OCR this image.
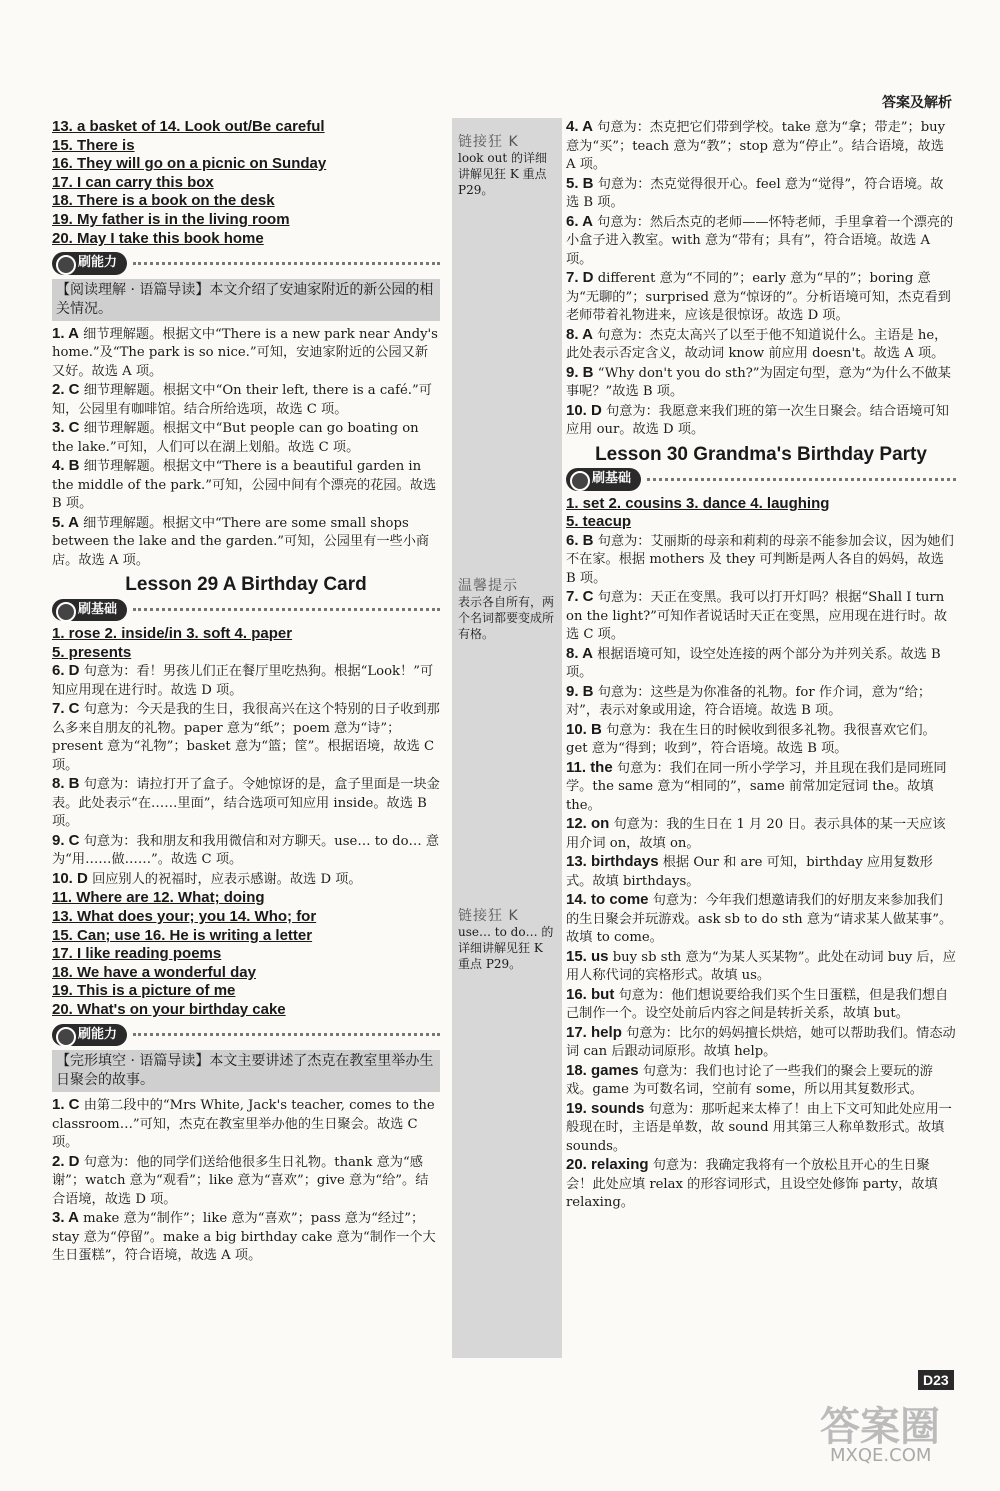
答案及解析
13. a basket of 14. Look out/Be careful
15. There is
16. They will go on a picnic on Sunday
17. I can carry this box
18. There is a book on the desk
19. My father is in the living room
20. May I take this book home
刷能力
【阅读理解 · 语篇导读】本文介绍了安迪家附近的新公园的相关情况。
1. A 细节理解题。根据文中“There is a new park near Andy's home.”及“The park is so nice.”可知，安迪家附近的公园又新又好。故选 A 项。
2. C 细节理解题。根据文中“On their left, there is a café.”可知，公园里有咖啡馆。结合所给选项，故选 C 项。
3. C 细节理解题。根据文中“But people can go boating on the lake.”可知，人们可以在湖上划船。故选 C 项。
4. B 细节理解题。根据文中“There is a beautiful garden in the middle of the park.”可知，公园中间有个漂亮的花园。故选 B 项。
5. A 细节理解题。根据文中“There are some small shops between the lake and the garden.”可知，公园里有一些小商店。故选 A 项。
Lesson 29 A Birthday Card
刷基础
1. rose 2. inside/in 3. soft 4. paper
5. presents
6. D 句意为：看！男孩儿们正在餐厅里吃热狗。根据“Look！”可知应用现在进行时。故选 D 项。
7. C 句意为：今天是我的生日，我很高兴在这个特别的日子收到那么多来自朋友的礼物。paper 意为“纸”；poem 意为“诗”；present 意为“礼物”；basket 意为“篮；筐”。根据语境，故选 C 项。
8. B 句意为：请拉打开了盒子。令她惊讶的是，盒子里面是一块金表。此处表示“在……里面”，结合选项可知应用 inside。故选 B 项。
9. C 句意为：我和朋友和我用微信和对方聊天。use… to do… 意为“用……做……”。故选 C 项。
10. D 回应别人的祝福时，应表示感谢。故选 D 项。
11. Where are 12. What; doing
13. What does your; you 14. Who; for
15. Can; use 16. He is writing a letter
17. I like reading poems
18. We have a wonderful day
19. This is a picture of me
20. What's on your birthday cake
刷能力
【完形填空 · 语篇导读】本文主要讲述了杰克在教室里举办生日聚会的故事。
1. C 由第二段中的“Mrs White, Jack's teacher, comes to the classroom…”可知，杰克在教室里举办他的生日聚会。故选 C 项。
2. D 句意为：他的同学们送给他很多生日礼物。thank 意为“感谢”；watch 意为“观看”；like 意为“喜欢”；give 意为“给”。结合语境，故选 D 项。
3. A make 意为“制作”；like 意为“喜欢”；pass 意为“经过”；stay 意为“停留”。make a big birthday cake 意为“制作一个大生日蛋糕”，符合语境，故选 A 项。
链接狂 K
look out 的详细讲解见狂 K 重点 P29。
温馨提示
表示各自所有，两个名词都要变成所有格。
链接狂 K
use… to do… 的详细讲解见狂 K 重点 P29。
4. A 句意为：杰克把它们带到学校。take 意为“拿；带走”；buy 意为“买”；teach 意为“教”；stop 意为“停止”。结合语境，故选 A 项。
5. B 句意为：杰克觉得很开心。feel 意为“觉得”，符合语境。故选 B 项。
6. A 句意为：然后杰克的老师——怀特老师，手里拿着一个漂亮的小盒子进入教室。with 意为“带有；具有”，符合语境。故选 A 项。
7. D different 意为“不同的”；early 意为“早的”；boring 意为“无聊的”；surprised 意为“惊讶的”。分析语境可知，杰克看到老师带着礼物进来，应该是很惊讶。故选 D 项。
8. A 句意为：杰克太高兴了以至于他不知道说什么。主语是 he，此处表示否定含义，故动词 know 前应用 doesn't。故选 A 项。
9. B “Why don't you do sth?”为固定句型，意为“为什么不做某事呢？”故选 B 项。
10. D 句意为：我愿意来我们班的第一次生日聚会。结合语境可知应用 our。故选 D 项。
Lesson 30 Grandma's Birthday Party
刷基础
1. set 2. cousins 3. dance 4. laughing
5. teacup
6. B 句意为：艾丽斯的母亲和莉莉的母亲不能参加会议，因为她们不在家。根据 mothers 及 they 可判断是两人各自的妈妈，故选 B 项。
7. C 句意为：天正在变黑。我可以打开灯吗？根据“Shall I turn on the light?”可知作者说话时天正在变黑，应用现在进行时。故选 C 项。
8. A 根据语境可知，设空处连接的两个部分为并列关系。故选 B 项。
9. B 句意为：这些是为你准备的礼物。for 作介词，意为“给；对”，表示对象或用途，符合语境。故选 B 项。
10. B 句意为：我在生日的时候收到很多礼物。我很喜欢它们。get 意为“得到；收到”，符合语境。故选 B 项。
11. the 句意为：我们在同一所小学学习，并且现在我们是同班同学。the same 意为“相同的”，same 前常加定冠词 the。故填 the。
12. on 句意为：我的生日在 1 月 20 日。表示具体的某一天应该用介词 on，故填 on。
13. birthdays 根据 Our 和 are 可知，birthday 应用复数形式。故填 birthdays。
14. to come 句意为：今年我们想邀请我们的好朋友来参加我们的生日聚会并玩游戏。ask sb to do sth 意为“请求某人做某事”。故填 to come。
15. us buy sb sth 意为“为某人买某物”。此处在动词 buy 后，应用人称代词的宾格形式。故填 us。
16. but 句意为：他们想说要给我们买个生日蛋糕，但是我们想自己制作一个。设空处前后内容之间是转折关系，故填 but。
17. help 句意为：比尔的妈妈擅长烘焙，她可以帮助我们。情态动词 can 后跟动词原形。故填 help。
18. games 句意为：我们也讨论了一些我们的聚会上要玩的游戏。game 为可数名词，空前有 some，所以用其复数形式。
19. sounds 句意为：那听起来太棒了！由上下文可知此处应用一般现在时，主语是单数，故 sound 用其第三人称单数形式。故填 sounds。
20. relaxing 句意为：我确定我将有一个放松且开心的生日聚会！此处应填 relax 的形容词形式，且设空处修饰 party，故填 relaxing。
D23
答案圈
MXQE.COM
